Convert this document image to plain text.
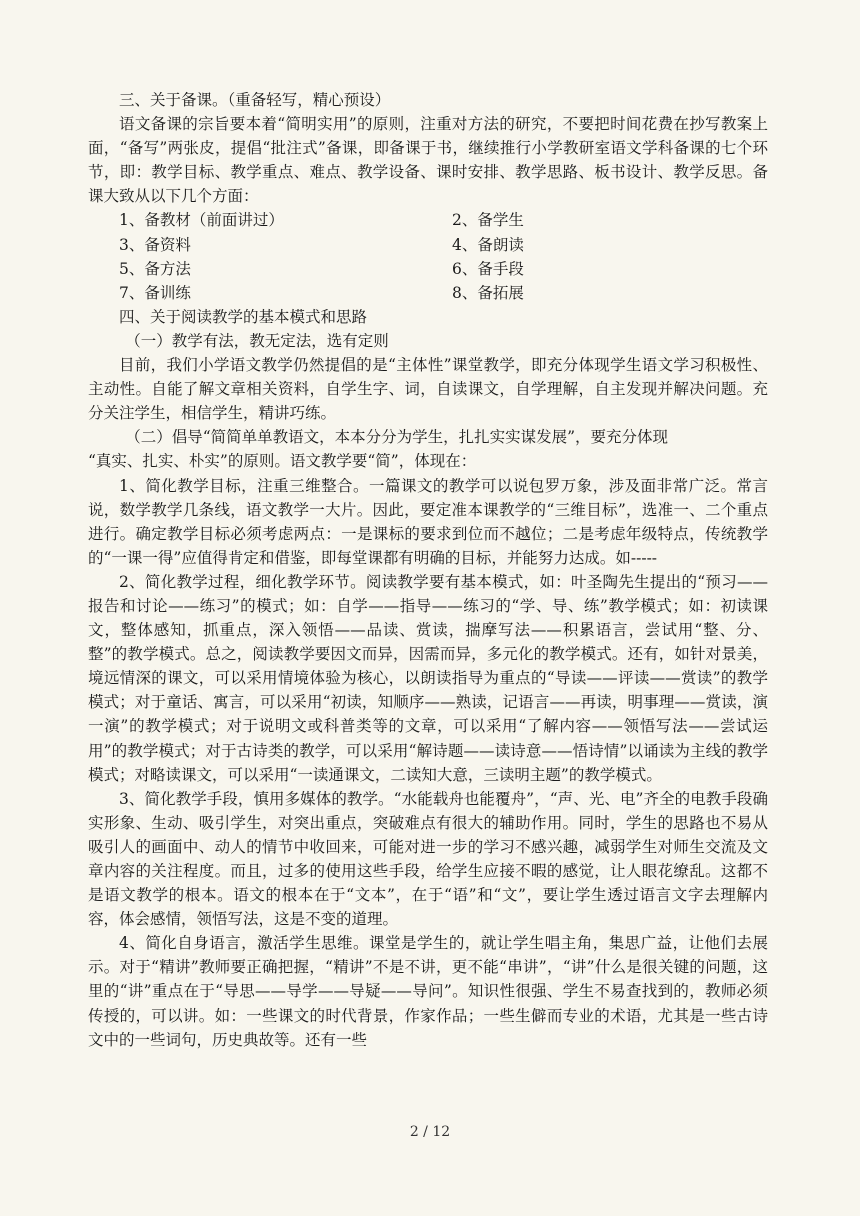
三、关于备课。（重备轻写，精心预设）

语文备课的宗旨要本着“简明实用”的原则，注重对方法的研究，不要把时间花费在抄写教案上面，“备写”两张皮，提倡“批注式”备课，即备课于书，继续推行小学教研室语文学科备课的七个环节，即：教学目标、教学重点、难点、教学设备、课时安排、教学思路、板书设计、教学反思。备课大致从以下几个方面：

1、备教材（前面讲过）	2、备学生
3、备资料	4、备朗读
5、备方法	6、备手段
7、备训练	8、备拓展

四、关于阅读教学的基本模式和思路

（一）教学有法，教无定法，选有定则

目前，我们小学语文教学仍然提倡的是“主体性”课堂教学，即充分体现学生语文学习积极性、主动性。自能了解文章相关资料，自学生字、词，自读课文，自学理解，自主发现并解决问题。充分关注学生，相信学生，精讲巧练。

（二）倡导“简简单单教语文，本本分分为学生，扎扎实实谋发展”，要充分体现

“真实、扎实、朴实”的原则。语文教学要“简”，体现在：

1、简化教学目标，注重三维整合。一篇课文的教学可以说包罗万象，涉及面非常广泛。常言说，数学教学几条线，语文教学一大片。因此，要定准本课教学的“三维目标”，选准一、二个重点进行。确定教学目标必须考虑两点：一是课标的要求到位而不越位；二是考虑年级特点，传统教学的“一课一得”应值得肯定和借鉴，即每堂课都有明确的目标，并能努力达成。如-----

2、简化教学过程，细化教学环节。阅读教学要有基本模式，如：叶圣陶先生提出的“预习——报告和讨论——练习”的模式；如：自学——指导——练习的“学、导、练”教学模式；如：初读课文，整体感知，抓重点，深入领悟——品读、赏读，揣摩写法——积累语言，尝试用“整、分、整”的教学模式。总之，阅读教学要因文而异，因需而异，多元化的教学模式。还有，如针对景美，境远情深的课文，可以采用情境体验为核心，以朗读指导为重点的“导读——评读——赏读”的教学模式；对于童话、寓言，可以采用“初读，知顺序——熟读，记语言——再读，明事理——赏读，演一演”的教学模式；对于说明文或科普类等的文章，可以采用“了解内容——领悟写法——尝试运用”的教学模式；对于古诗类的教学，可以采用“解诗题——读诗意——悟诗情”以诵读为主线的教学模式；对略读课文，可以采用“一读通课文，二读知大意，三读明主题”的教学模式。

3、简化教学手段，慎用多媒体的教学。“水能载舟也能覆舟”，“声、光、电”齐全的电教手段确实形象、生动、吸引学生，对突出重点，突破难点有很大的辅助作用。同时，学生的思路也不易从吸引人的画面中、动人的情节中收回来，可能对进一步的学习不感兴趣，减弱学生对师生交流及文章内容的关注程度。而且，过多的使用这些手段，给学生应接不暇的感觉，让人眼花缭乱。这都不是语文教学的根本。语文的根本在于“文本”，在于“语”和“文”，要让学生透过语言文字去理解内容，体会感情，领悟写法，这是不变的道理。

4、简化自身语言，激活学生思维。课堂是学生的，就让学生唱主角，集思广益，让他们去展示。对于“精讲”教师要正确把握，“精讲”不是不讲，更不能“串讲”，“讲”什么是很关键的问题，这里的“讲”重点在于“导思——导学——导疑——导问”。知识性很强、学生不易查找到的，教师必须传授的，可以讲。如：一些课文的时代背景，作家作品；一些生僻而专业的术语，尤其是一些古诗文中的一些词句，历史典故等。还有一些

2 / 12
